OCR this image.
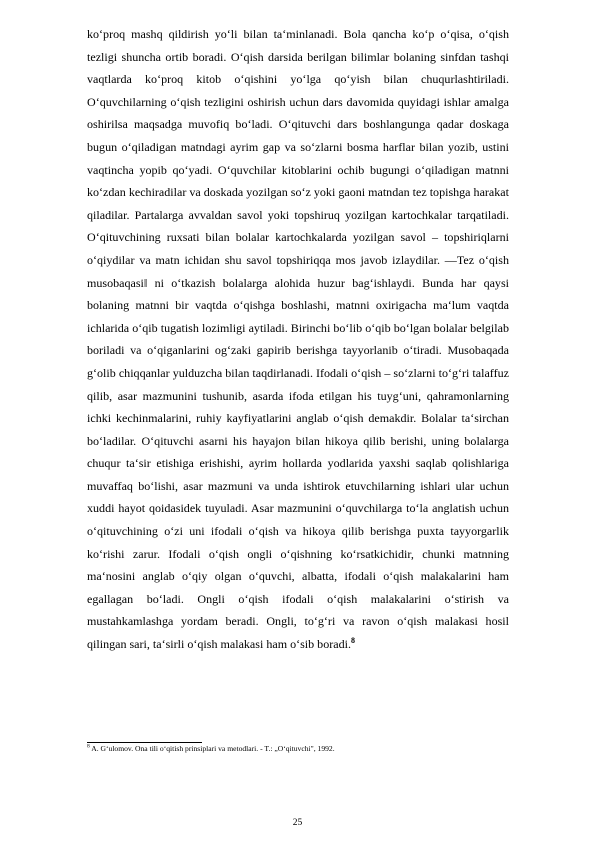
ko‘proq mashq qildirish yo‘li bilan ta‘minlanadi. Bola qancha ko‘p o‘qisa, o‘qish tezligi shuncha ortib boradi. O‘qish darsida berilgan bilimlar bolaning sinfdan tashqi vaqtlarda ko‘proq kitob o‘qishini yo‘lga qo‘yish bilan chuqurlashtiriladi. O‘quvchilarning o‘qish tezligini oshirish uchun dars davomida quyidagi ishlar amalga oshirilsa maqsadga muvofiq bo‘ladi. O‘qituvchi dars boshlangunga qadar doskaga bugun o‘qiladigan matndagi ayrim gap va so‘zlarni bosma harflar bilan yozib, ustini vaqtincha yopib qo‘yadi. O‘quvchilar kitoblarini ochib bugungi o‘qiladigan matnni ko‘zdan kechiradilar va doskada yozilgan so‘z yoki gaoni matndan tez topishga harakat qiladilar. Partalarga avvaldan savol yoki topshiruq yozilgan kartochkalar tarqatiladi. O‘qituvchining ruxsati bilan bolalar kartochkalarda yozilgan savol – topshiriqlarni o‘qiydilar va matn ichidan shu savol topshiriqqa mos javob izlaydilar. ―Tez o‘qish musobaqasi‖ ni o‘tkazish bolalarga alohida huzur bag‘ishlaydi. Bunda har qaysi bolaning matnni bir vaqtda o‘qishga boshlashi, matnni oxirigacha ma‘lum vaqtda ichlarida o‘qib tugatish lozimligi aytiladi. Birinchi bo‘lib o‘qib bo‘lgan bolalar belgilab boriladi va o‘qiganlarini og‘zaki gapirib berishga tayyorlanib o‘tiradi. Musobaqada g‘olib chiqqanlar yulduzcha bilan taqdirlanadi. Ifodali o‘qish – so‘zlarni to‘g‘ri talaffuz qilib, asar mazmunini tushunib, asarda ifoda etilgan his tuyg‘uni, qahramonlarning ichki kechinmalarini, ruhiy kayfiyatlarini anglab o‘qish demakdir. Bolalar ta‘sirchan bo‘ladilar. O‘qituvchi asarni his hayajon bilan hikoya qilib berishi, uning bolalarga chuqur ta‘sir etishiga erishishi, ayrim hollarda yodlarida yaxshi saqlab qolishlariga muvaffaq bo‘lishi, asar mazmuni va unda ishtirok etuvchilarning ishlari ular uchun xuddi hayot qoidasidek tuyuladi. Asar mazmunini o‘quvchilarga to‘la anglatish uchun o‘qituvchining o‘zi uni ifodali o‘qish va hikoya qilib berishga puxta tayyorgarlik ko‘rishi zarur. Ifodali o‘qish ongli o‘qishning ko‘rsatkichidir, chunki matnning ma‘nosini anglab o‘qiy olgan o‘quvchi, albatta, ifodali o‘qish malakalarini ham egallagan bo‘ladi. Ongli o‘qish ifodali o‘qish malakalarini o‘stirish va mustahkamlashga yordam beradi. Ongli, to‘g‘ri va ravon o‘qish malakasi hosil qilingan sari, ta‘sirli o‘qish malakasi ham o‘sib boradi.$^8$

$^8$ A. G‘ulomov. Ona tili o‘qitish prinsiplari va metodlari. - T.: „O‘qituvchi", 1992.

25
